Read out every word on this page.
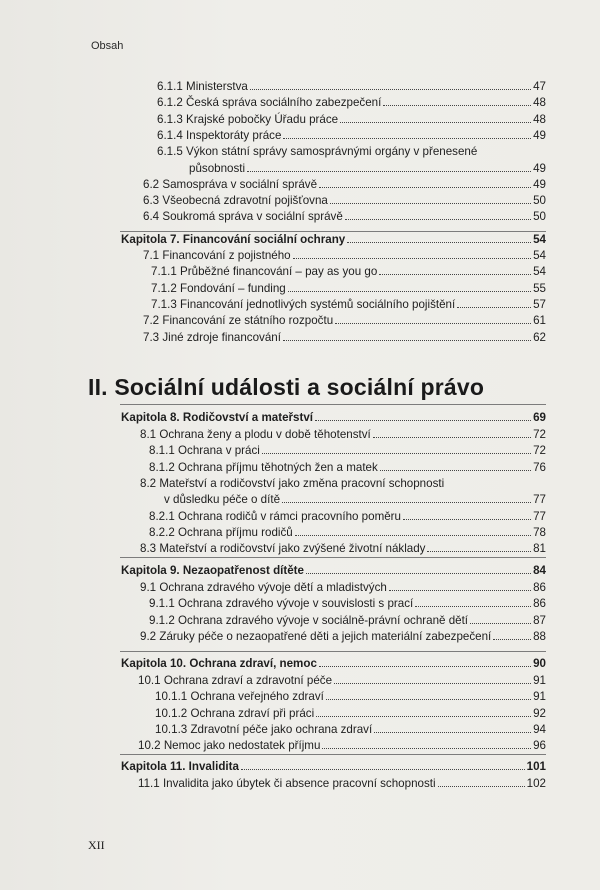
Obsah
6.1.1 Ministerstva	47
6.1.2 Česká správa sociálního zabezpečení	48
6.1.3 Krajské pobočky Úřadu práce	48
6.1.4 Inspektoráty práce	49
6.1.5 Výkon státní správy samosprávnými orgány v přenesené
působnosti	49
6.2 Samospráva v sociální správě	49
6.3 Všeobecná zdravotní pojišťovna	50
6.4 Soukromá správa v sociální správě	50
Kapitola 7. Financování sociální ochrany	54
7.1 Financování z pojistného	54
7.1.1 Průběžné financování – pay as you go	54
7.1.2 Fondování – funding	55
7.1.3 Financování jednotlivých systémů sociálního pojištění	57
7.2 Financování ze státního rozpočtu	61
7.3 Jiné zdroje financování	62
Kapitola 8. Rodičovství a mateřství	69
8.1 Ochrana ženy a plodu v době těhotenství	72
8.1.1 Ochrana v práci	72
8.1.2 Ochrana příjmu těhotných žen a matek	76
8.2 Mateřství a rodičovství jako změna pracovní schopnosti
v důsledku péče o dítě	77
8.2.1 Ochrana rodičů v rámci pracovního poměru	77
8.2.2 Ochrana příjmu rodičů	78
8.3 Mateřství a rodičovství jako zvýšené životní náklady	81
Kapitola 9. Nezaopatřenost dítěte	84
9.1 Ochrana zdravého vývoje dětí a mladistvých	86
9.1.1 Ochrana zdravého vývoje v souvislosti s prací	86
9.1.2 Ochrana zdravého vývoje v sociálně-právní ochraně dětí	87
9.2 Záruky péče o nezaopatřené děti a jejich materiální zabezpečení	88
Kapitola 10. Ochrana zdraví, nemoc	90
10.1 Ochrana zdraví a zdravotní péče	91
10.1.1 Ochrana veřejného zdraví	91
10.1.2 Ochrana zdraví při práci	92
10.1.3 Zdravotní péče jako ochrana zdraví	94
10.2 Nemoc jako nedostatek příjmu	96
Kapitola 11. Invalidita	101
11.1 Invalidita jako úbytek či absence pracovní schopnosti	102
II. Sociální události a sociální právo
XII
